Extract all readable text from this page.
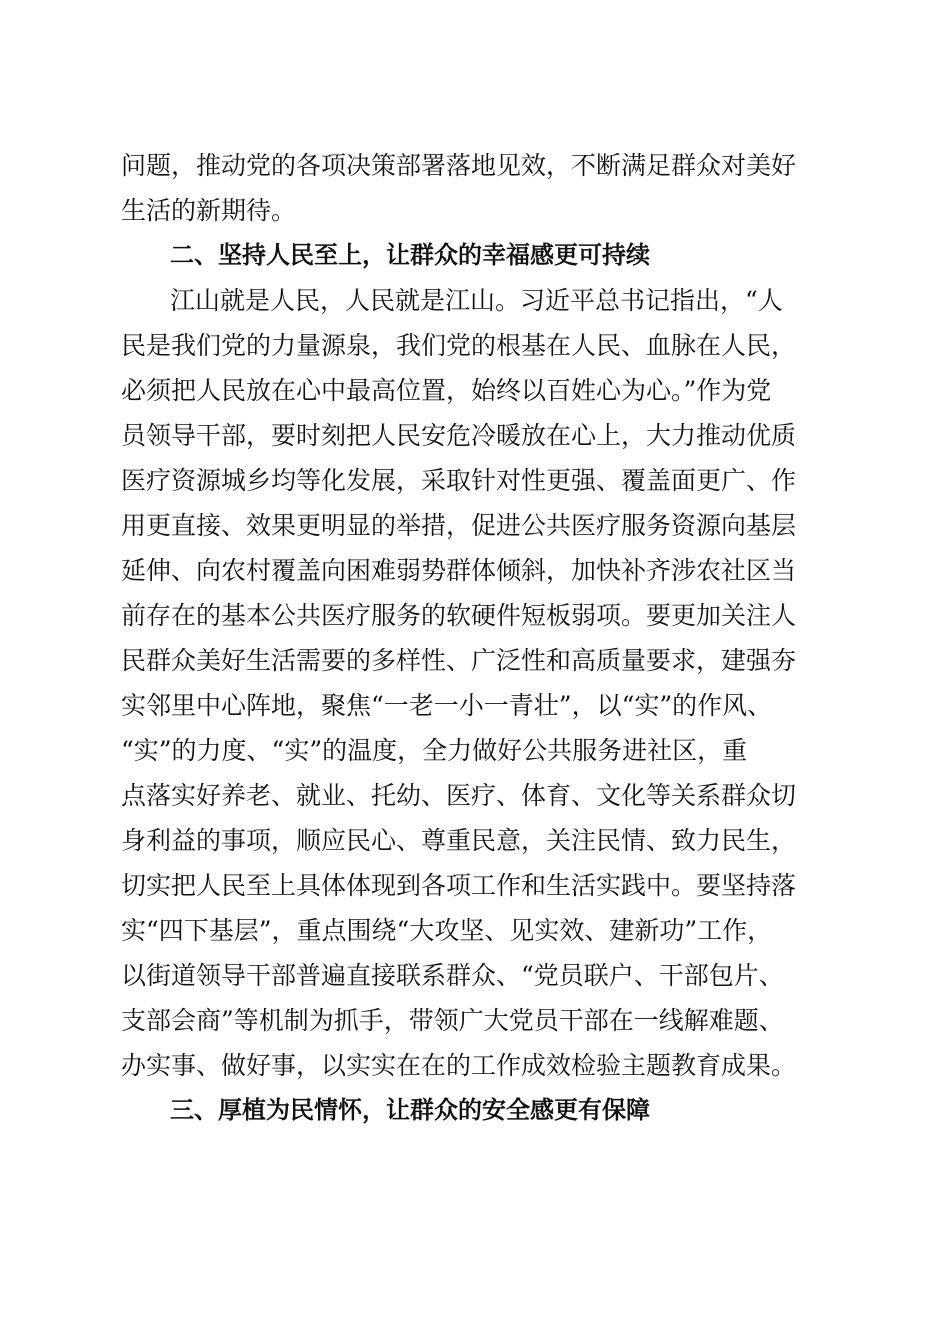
问题，推动党的各项决策部署落地见效，不断满足群众对美好

生活的新期待。

二、坚持人民至上，让群众的幸福感更可持续

江山就是人民，人民就是江山。习近平总书记指出，“人

民是我们党的力量源泉，我们党的根基在人民、血脉在人民，

必须把人民放在心中最高位置，始终以百姓心为心。”作为党

员领导干部，要时刻把人民安危冷暖放在心上，大力推动优质

医疗资源城乡均等化发展，采取针对性更强、覆盖面更广、作

用更直接、效果更明显的举措，促进公共医疗服务资源向基层

延伸、向农村覆盖向困难弱势群体倾斜，加快补齐涉农社区当

前存在的基本公共医疗服务的软硬件短板弱项。要更加关注人

民群众美好生活需要的多样性、广泛性和高质量要求，建强夯

实邻里中心阵地，聚焦“一老一小一青壮”，以“实”的作风、

“实”的力度、“实”的温度，全力做好公共服务进社区，重

点落实好养老、就业、托幼、医疗、体育、文化等关系群众切

身利益的事项，顺应民心、尊重民意，关注民情、致力民生，

切实把人民至上具体体现到各项工作和生活实践中。要坚持落

实“四下基层”，重点围绕“大攻坚、见实效、建新功”工作，

以街道领导干部普遍直接联系群众、“党员联户、干部包片、

支部会商”等机制为抓手，带领广大党员干部在一线解难题、

办实事、做好事，以实实在在的工作成效检验主题教育成果。

三、厚植为民情怀，让群众的安全感更有保障
